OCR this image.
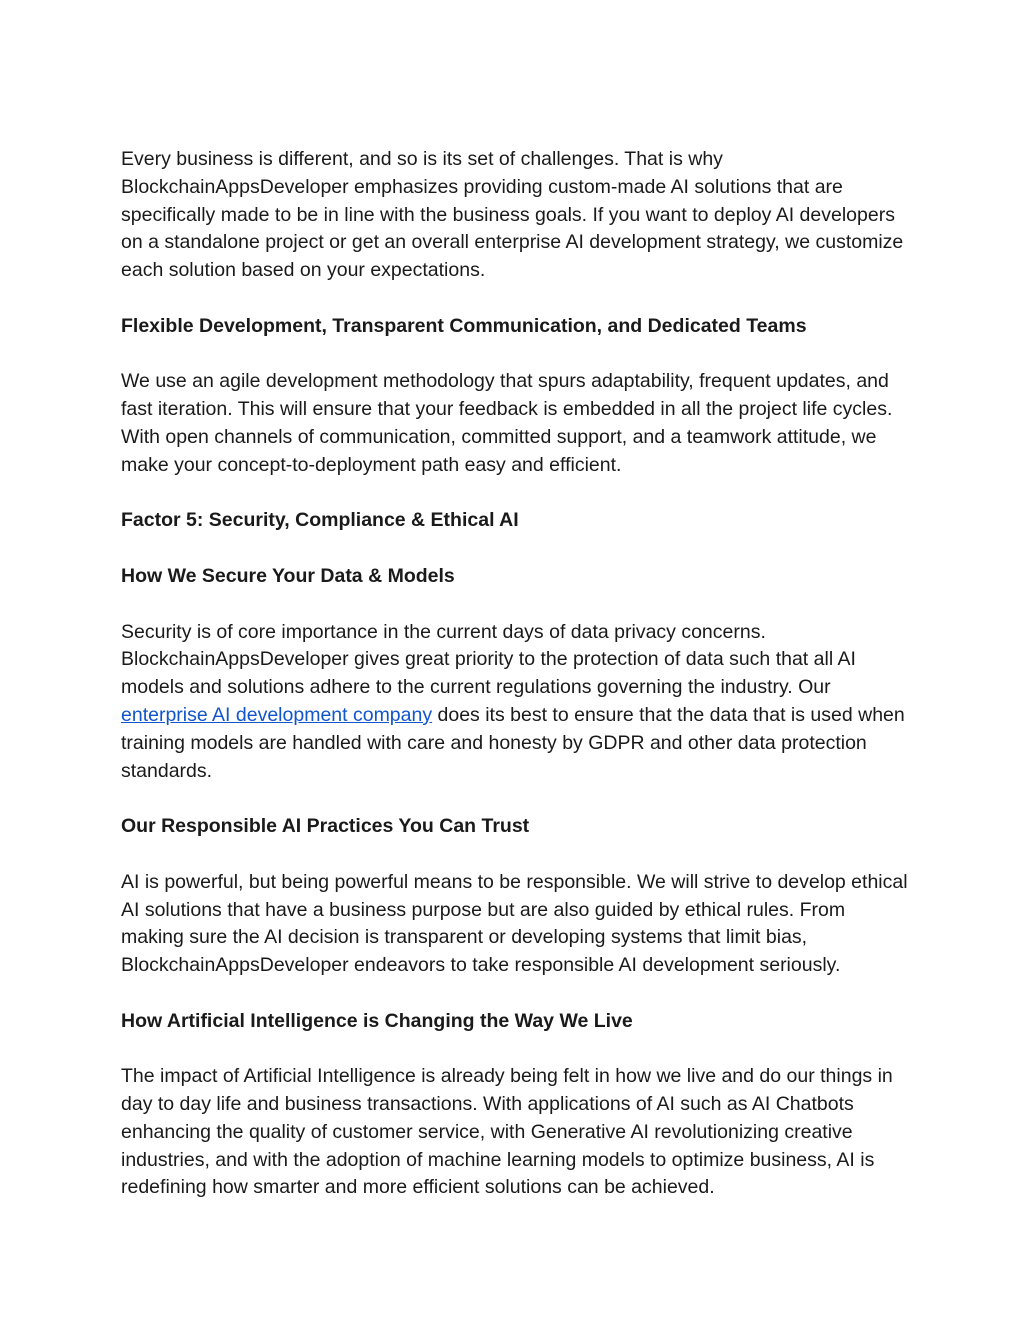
Every business is different, and so is its set of challenges. That is why BlockchainAppsDeveloper emphasizes providing custom-made AI solutions that are specifically made to be in line with the business goals. If you want to deploy AI developers on a standalone project or get an overall enterprise AI development strategy, we customize each solution based on your expectations.

Flexible Development, Transparent Communication, and Dedicated Teams

We use an agile development methodology that spurs adaptability, frequent updates, and fast iteration. This will ensure that your feedback is embedded in all the project life cycles. With open channels of communication, committed support, and a teamwork attitude, we make your concept-to-deployment path easy and efficient.

Factor 5: Security, Compliance & Ethical AI

How We Secure Your Data & Models

Security is of core importance in the current days of data privacy concerns. BlockchainAppsDeveloper gives great priority to the protection of data such that all AI models and solutions adhere to the current regulations governing the industry. Our enterprise AI development company does its best to ensure that the data that is used when training models are handled with care and honesty by GDPR and other data protection standards.

Our Responsible AI Practices You Can Trust

AI is powerful, but being powerful means to be responsible. We will strive to develop ethical AI solutions that have a business purpose but are also guided by ethical rules. From making sure the AI decision is transparent or developing systems that limit bias, BlockchainAppsDeveloper endeavors to take responsible AI development seriously.

How Artificial Intelligence is Changing the Way We Live

The impact of Artificial Intelligence is already being felt in how we live and do our things in day to day life and business transactions. With applications of AI such as AI Chatbots enhancing the quality of customer service, with Generative AI revolutionizing creative industries, and with the adoption of machine learning models to optimize business, AI is redefining how smarter and more efficient solutions can be achieved.
